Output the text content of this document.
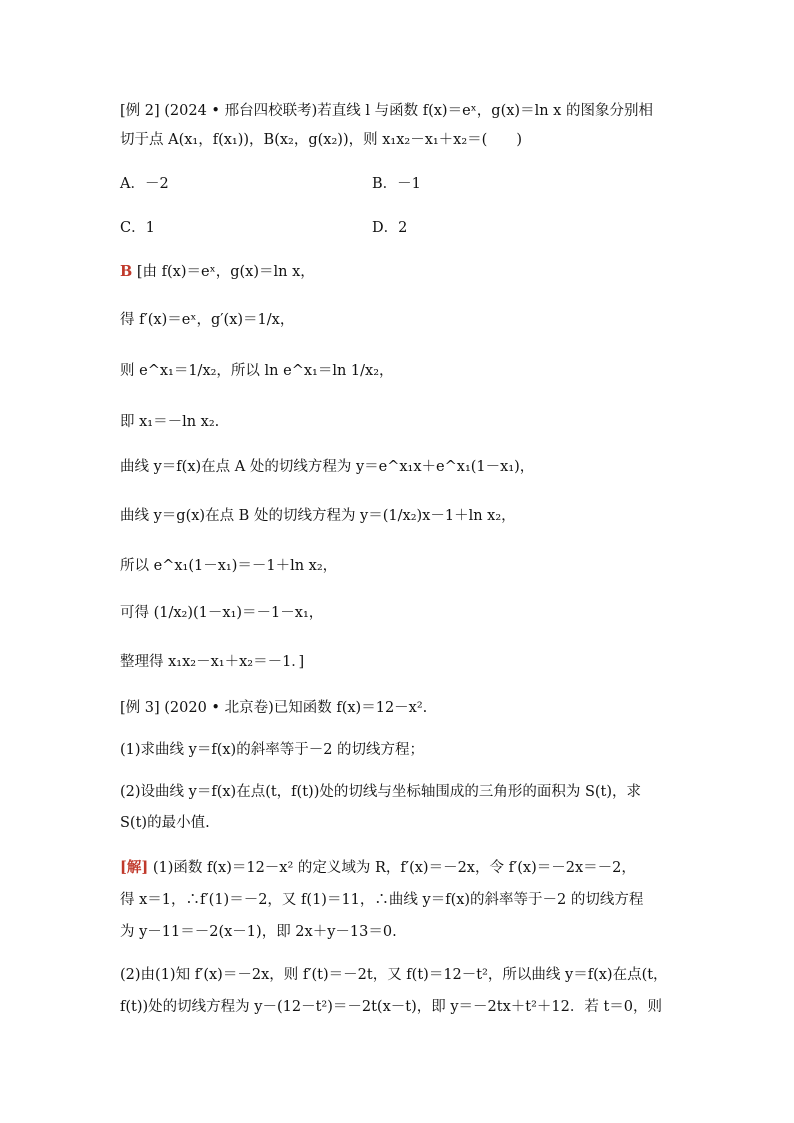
[例 2] (2024 • 邢台四校联考)若直线 l 与函数 f(x)＝eˣ，g(x)＝ln x 的图象分别相
切于点 A(x₁，f(x₁))，B(x₂，g(x₂))，则 x₁x₂－x₁＋x₂＝(　　)
A．－2	B．－1
C．1	D．2
B [由 f(x)＝eˣ，g(x)＝ln x，
得 f′(x)＝eˣ，g′(x)＝1/x，
则 e^x₁＝1/x₂，所以 ln e^x₁＝ln 1/x₂，
即 x₁＝－ln x₂.
曲线 y＝f(x)在点 A 处的切线方程为 y＝e^x₁x＋e^x₁(1－x₁)，
曲线 y＝g(x)在点 B 处的切线方程为 y＝(1/x₂)x－1＋ln x₂，
所以 e^x₁(1－x₁)＝－1＋ln x₂，
可得 (1/x₂)(1－x₁)＝－1－x₁，
整理得 x₁x₂－x₁＋x₂＝－1．]
[例 3] (2020 • 北京卷)已知函数 f(x)＝12－x².
(1)求曲线 y＝f(x)的斜率等于－2 的切线方程；
(2)设曲线 y＝f(x)在点(t，f(t))处的切线与坐标轴围成的三角形的面积为 S(t)，求
S(t)的最小值.
[解] (1)函数 f(x)＝12－x² 的定义域为 R，f′(x)＝－2x，令 f′(x)＝－2x＝－2，
得 x＝1，∴f′(1)＝－2，又 f(1)＝11，∴曲线 y＝f(x)的斜率等于－2 的切线方程
为 y－11＝－2(x－1)，即 2x＋y－13＝0.
(2)由(1)知 f′(x)＝－2x，则 f′(t)＝－2t，又 f(t)＝12－t²，所以曲线 y＝f(x)在点(t，
f(t))处的切线方程为 y－(12－t²)＝－2t(x－t)，即 y＝－2tx＋t²＋12．若 t＝0，则
